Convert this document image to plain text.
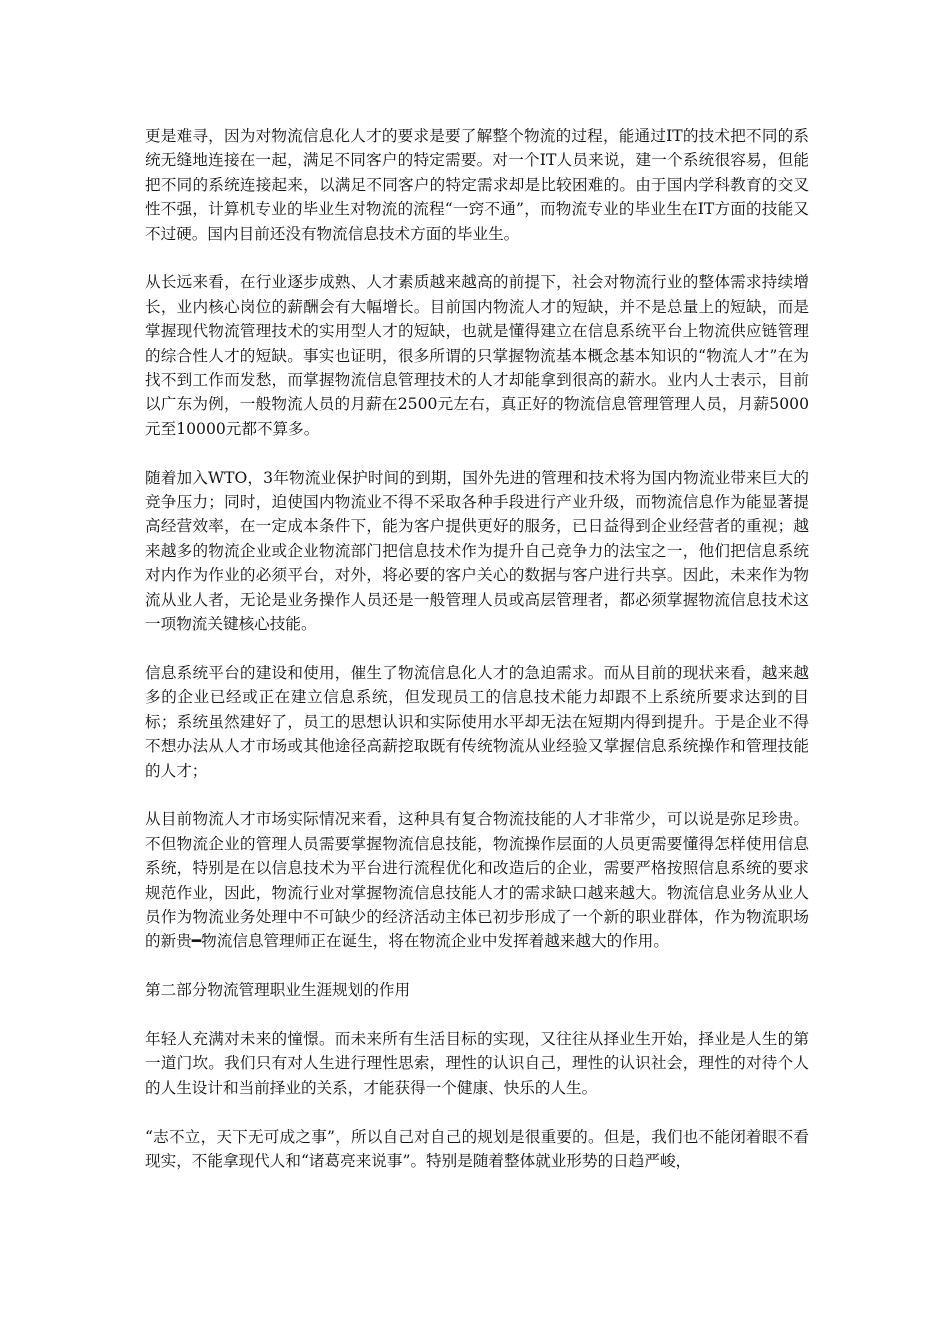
更是难寻，因为对物流信息化人才的要求是要了解整个物流的过程，能通过IT的技术把不同的系统无缝地连接在一起，满足不同客户的特定需要。对一个IT人员来说，建一个系统很容易，但能把不同的系统连接起来，以满足不同客户的特定需求却是比较困难的。由于国内学科教育的交叉性不强，计算机专业的毕业生对物流的流程“一窍不通”，而物流专业的毕业生在IT方面的技能又不过硬。国内目前还没有物流信息技术方面的毕业生。

从长远来看，在行业逐步成熟、人才素质越来越高的前提下，社会对物流行业的整体需求持续增长，业内核心岗位的薪酬会有大幅增长。目前国内物流人才的短缺，并不是总量上的短缺，而是掌握现代物流管理技术的实用型人才的短缺，也就是懂得建立在信息系统平台上物流供应链管理的综合性人才的短缺。事实也证明，很多所谓的只掌握物流基本概念基本知识的“物流人才”在为找不到工作而发愁，而掌握物流信息管理技术的人才却能拿到很高的薪水。业内人士表示，目前以广东为例，一般物流人员的月薪在2500元左右，真正好的物流信息管理管理人员，月薪5000元至10000元都不算多。

随着加入WTO，3年物流业保护时间的到期，国外先进的管理和技术将为国内物流业带来巨大的竞争压力；同时，迫使国内物流业不得不采取各种手段进行产业升级，而物流信息作为能显著提高经营效率，在一定成本条件下，能为客户提供更好的服务，已日益得到企业经营者的重视；越来越多的物流企业或企业物流部门把信息技术作为提升自己竞争力的法宝之一，他们把信息系统对内作为作业的必须平台，对外，将必要的客户关心的数据与客户进行共享。因此，未来作为物流从业人者，无论是业务操作人员还是一般管理人员或高层管理者，都必须掌握物流信息技术这一项物流关键核心技能。

信息系统平台的建设和使用，催生了物流信息化人才的急迫需求。而从目前的现状来看，越来越多的企业已经或正在建立信息系统，但发现员工的信息技术能力却跟不上系统所要求达到的目标；系统虽然建好了，员工的思想认识和实际使用水平却无法在短期内得到提升。于是企业不得不想办法从人才市场或其他途径高薪挖取既有传统物流从业经验又掌握信息系统操作和管理技能的人才；

从目前物流人才市场实际情况来看，这种具有复合物流技能的人才非常少，可以说是弥足珍贵。不但物流企业的管理人员需要掌握物流信息技能，物流操作层面的人员更需要懂得怎样使用信息系统，特别是在以信息技术为平台进行流程优化和改造后的企业，需要严格按照信息系统的要求规范作业，因此，物流行业对掌握物流信息技能人才的需求缺口越来越大。物流信息业务从业人员作为物流业务处理中不可缺少的经济活动主体已初步形成了一个新的职业群体，作为物流职场的新贵━物流信息管理师正在诞生，将在物流企业中发挥着越来越大的作用。

第二部分物流管理职业生涯规划的作用

年轻人充满对未来的憧憬。而未来所有生活目标的实现，又往往从择业生开始，择业是人生的第一道门坎。我们只有对人生进行理性思索，理性的认识自己，理性的认识社会，理性的对待个人的人生设计和当前择业的关系，才能获得一个健康、快乐的人生。

“志不立，天下无可成之事”，所以自己对自己的规划是很重要的。但是，我们也不能闭着眼不看现实，不能拿现代人和“诸葛亮来说事”。特别是随着整体就业形势的日趋严峻，
